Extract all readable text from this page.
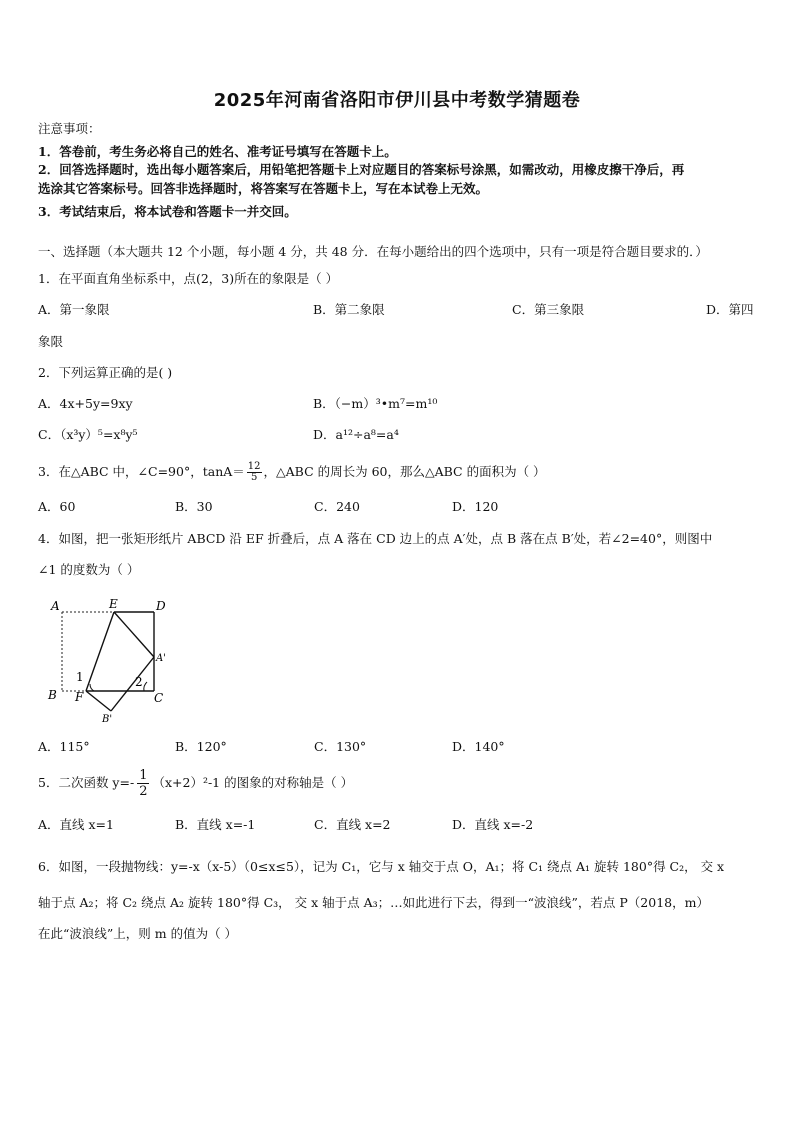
2025年河南省洛阳市伊川县中考数学猜题卷
注意事项：
1．答卷前，考生务必将自己的姓名、准考证号填写在答题卡上。
2．回答选择题时，选出每小题答案后，用铅笔把答题卡上对应题目的答案标号涂黑，如需改动，用橡皮擦干净后，再
选涂其它答案标号。回答非选择题时，将答案写在答题卡上，写在本试卷上无效。
3．考试结束后，将本试卷和答题卡一并交回。
一、选择题（本大题共 12 个小题，每小题 4 分，共 48 分．在每小题给出的四个选项中，只有一项是符合题目要求的．）
1．在平面直角坐标系中，点(2，3)所在的象限是（ ）
A．第一象限	B．第二象限	C．第三象限	D．第四
象限
2．下列运算正确的是( )
A．4x+5y=9xy	B．（−m）³•m⁷=m¹⁰
C．（x³y）⁵=x⁸y⁵	D．a¹²÷a⁸=a⁴
3．在△ABC 中，∠C=90°，$\tan A= \frac{12}{5}$ ，△ABC 的周长为 60，那么△ABC 的面积为（ ）
A．60	B．30	C．240	D．120
4．如图，把一张矩形纸片 ABCD 沿 EF 折叠后，点 A 落在 CD 边上的点 A′处，点 B 落在点 B′处，若∠2=40°，则图中
∠1 的度数为（ ）
A	E	D
A'
B F	C
B'
1	2
A．115°	B．120°	C．130°	D．140°
5．二次函数 $y=- \frac{1}{2} (x+2)^2-1$ 的图象的对称轴是（ ）
A．直线 x=1	B．直线 x=-1	C．直线 x=2	D．直线 x=-2
6．如图，一段抛物线：y=-x（x-5）（0≤x≤5），记为 C₁，它与 x 轴交于点 O，A₁；将 C₁ 绕点 A₁ 旋转 180°得 C₂， 交 x
轴于点 A₂；将 C₂ 绕点 A₂ 旋转 180°得 C₃， 交 x 轴于点 A₃；…如此进行下去，得到一“波浪线”，若点 P（2018，m）
在此“波浪线”上，则 m 的值为（ ）
